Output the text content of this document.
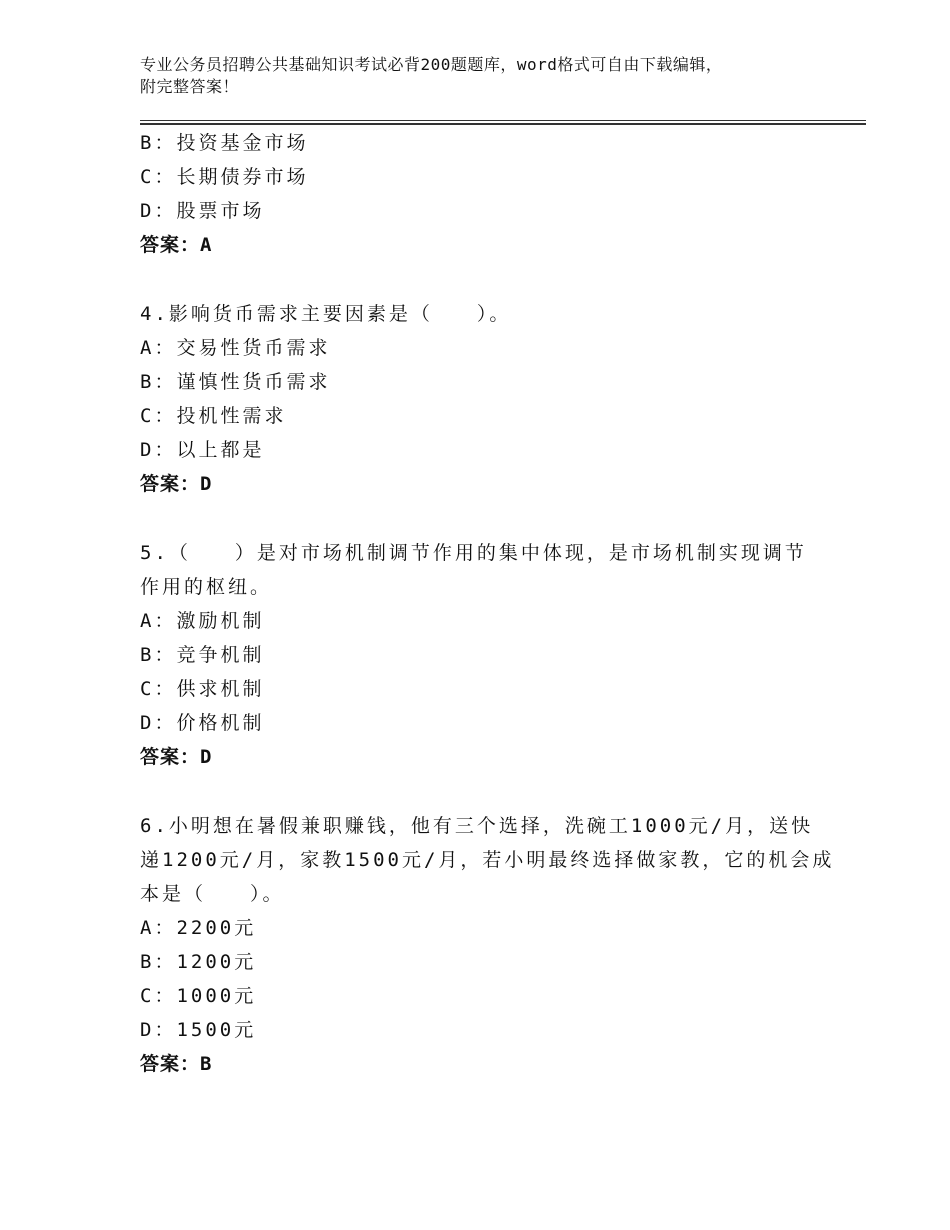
专业公务员招聘公共基础知识考试必背200题题库，word格式可自由下载编辑，
附完整答案！
B：投资基金市场
C：长期债券市场
D：股票市场
答案：A
4.影响货币需求主要因素是（　　）。
A：交易性货币需求
B：谨慎性货币需求
C：投机性需求
D：以上都是
答案：D
5.（　　）是对市场机制调节作用的集中体现，是市场机制实现调节
作用的枢纽。
A：激励机制
B：竞争机制
C：供求机制
D：价格机制
答案：D
6.小明想在暑假兼职赚钱，他有三个选择，洗碗工1000元/月，送快
递1200元/月，家教1500元/月，若小明最终选择做家教，它的机会成
本是（　　）。
A：2200元
B：1200元
C：1000元
D：1500元
答案：B
